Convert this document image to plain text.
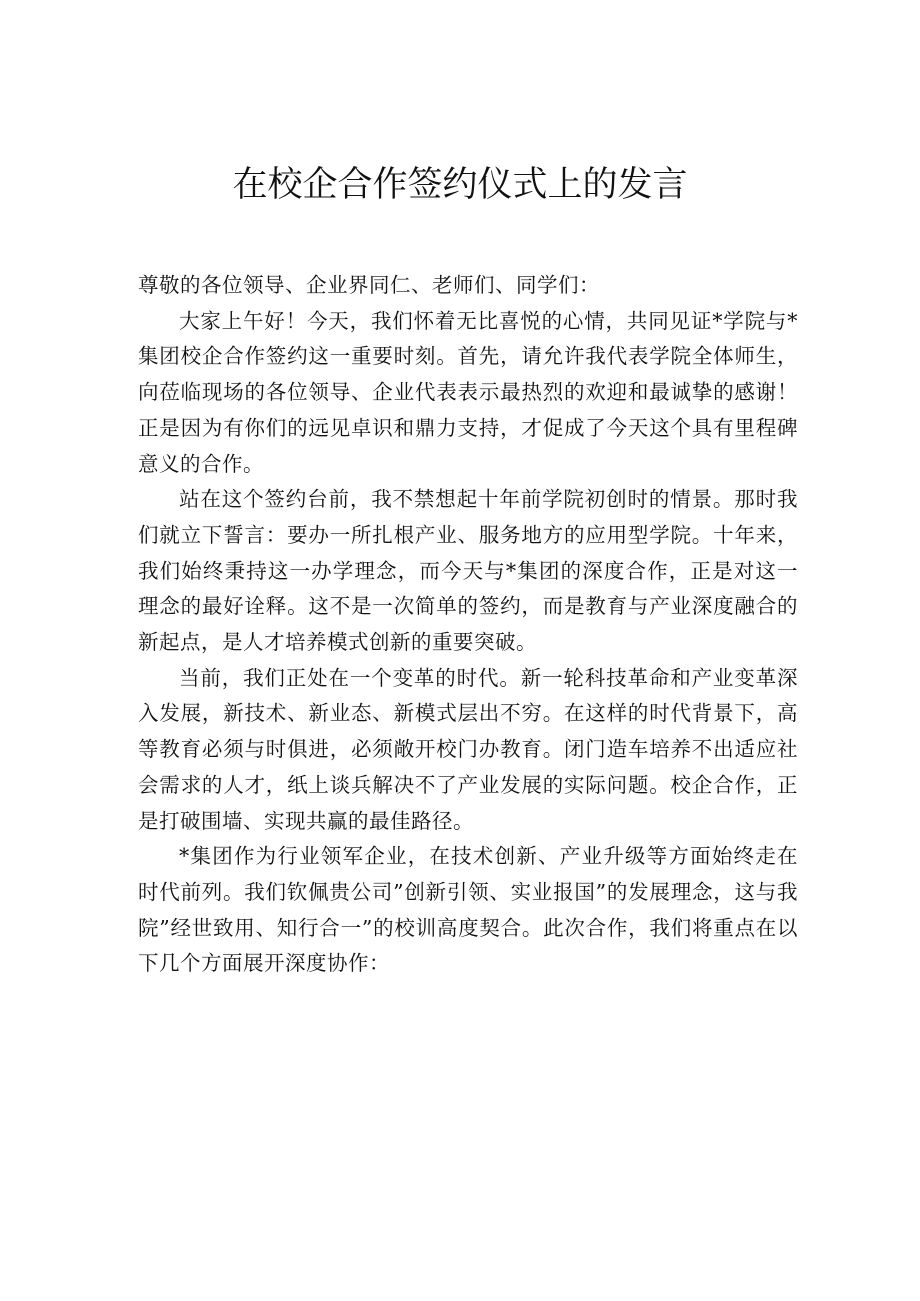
在校企合作签约仪式上的发言

尊敬的各位领导、企业界同仁、老师们、同学们：

大家上午好！今天，我们怀着无比喜悦的心情，共同见证*学院与*集团校企合作签约这一重要时刻。首先，请允许我代表学院全体师生，向莅临现场的各位领导、企业代表表示最热烈的欢迎和最诚挚的感谢！正是因为有你们的远见卓识和鼎力支持，才促成了今天这个具有里程碑意义的合作。

站在这个签约台前，我不禁想起十年前学院初创时的情景。那时我们就立下誓言：要办一所扎根产业、服务地方的应用型学院。十年来，我们始终秉持这一办学理念，而今天与*集团的深度合作，正是对这一理念的最好诠释。这不是一次简单的签约，而是教育与产业深度融合的新起点，是人才培养模式创新的重要突破。

当前，我们正处在一个变革的时代。新一轮科技革命和产业变革深入发展，新技术、新业态、新模式层出不穷。在这样的时代背景下，高等教育必须与时俱进，必须敞开校门办教育。闭门造车培养不出适应社会需求的人才，纸上谈兵解决不了产业发展的实际问题。校企合作，正是打破围墙、实现共赢的最佳路径。

*集团作为行业领军企业，在技术创新、产业升级等方面始终走在时代前列。我们钦佩贵公司”创新引领、实业报国”的发展理念，这与我院”经世致用、知行合一”的校训高度契合。此次合作，我们将重点在以下几个方面展开深度协作：
